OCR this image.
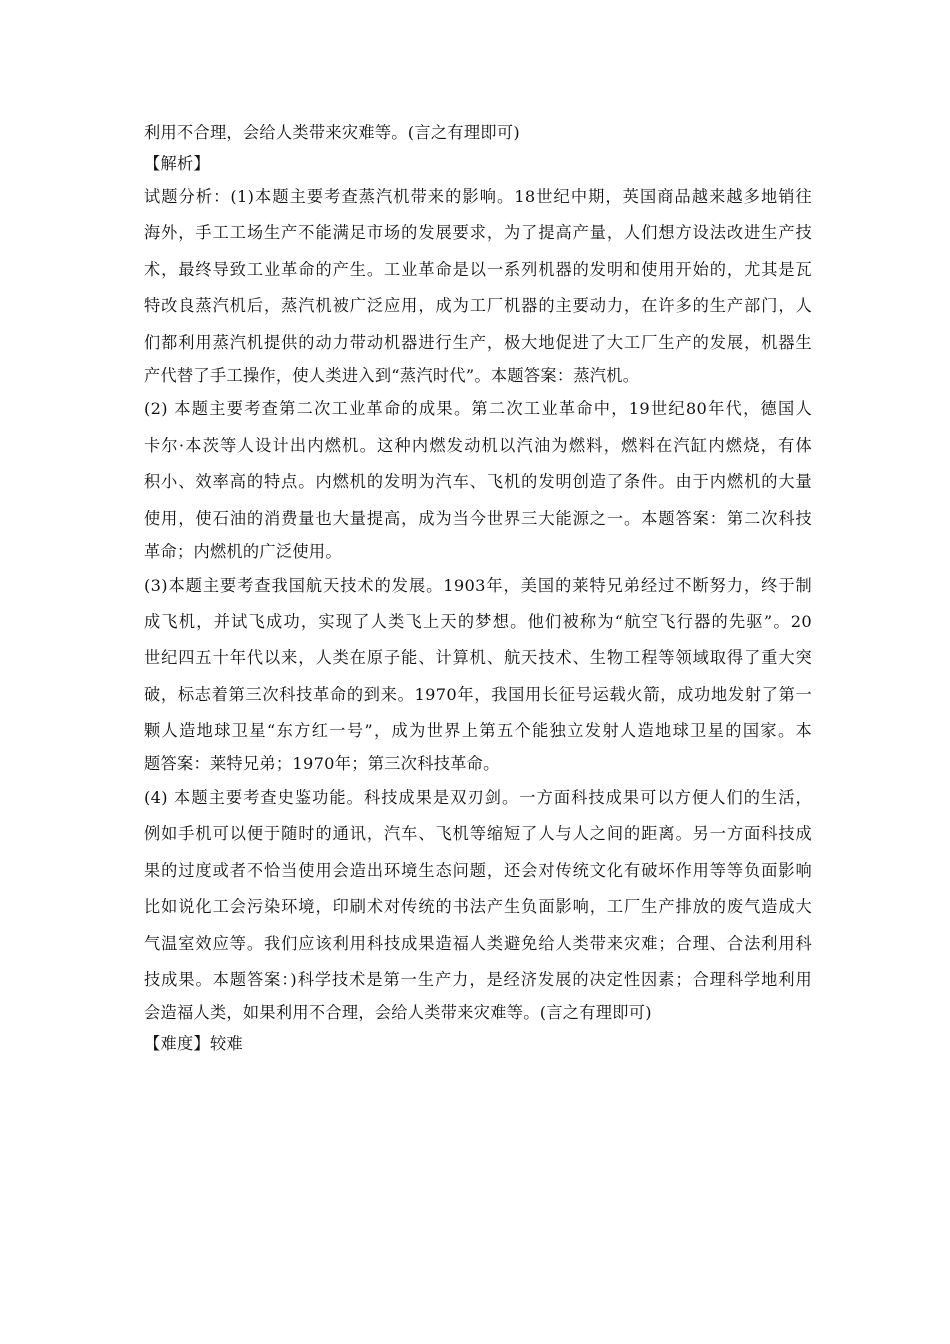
利用不合理，会给人类带来灾难等。(言之有理即可)
【解析】
试题分析：(1)本题主要考查蒸汽机带来的影响。18世纪中期，英国商品越来越多地销往
海外，手工工场生产不能满足市场的发展要求，为了提高产量，人们想方设法改进生产技
术，最终导致工业革命的产生。工业革命是以一系列机器的发明和使用开始的，尤其是瓦
特改良蒸汽机后，蒸汽机被广泛应用，成为工厂机器的主要动力，在许多的生产部门，人
们都利用蒸汽机提供的动力带动机器进行生产，极大地促进了大工厂生产的发展，机器生
产代替了手工操作，使人类进入到“蒸汽时代”。本题答案：蒸汽机。
(2) 本题主要考查第二次工业革命的成果。第二次工业革命中，19世纪80年代，德国人
卡尔·本茨等人设计出内燃机。这种内燃发动机以汽油为燃料，燃料在汽缸内燃烧，有体
积小、效率高的特点。内燃机的发明为汽车、飞机的发明创造了条件。由于内燃机的大量
使用，使石油的消费量也大量提高，成为当今世界三大能源之一。本题答案：第二次科技
革命；内燃机的广泛使用。
(3)本题主要考查我国航天技术的发展。1903年，美国的莱特兄弟经过不断努力，终于制
成飞机，并试飞成功，实现了人类飞上天的梦想。他们被称为“航空飞行器的先驱”。20
世纪四五十年代以来，人类在原子能、计算机、航天技术、生物工程等领域取得了重大突
破，标志着第三次科技革命的到来。1970年，我国用长征号运载火箭，成功地发射了第一
颗人造地球卫星“东方红一号”，成为世界上第五个能独立发射人造地球卫星的国家。本
题答案：莱特兄弟；1970年；第三次科技革命。
(4) 本题主要考查史鉴功能。科技成果是双刃剑。一方面科技成果可以方便人们的生活，
例如手机可以便于随时的通讯，汽车、飞机等缩短了人与人之间的距离。另一方面科技成
果的过度或者不恰当使用会造出环境生态问题，还会对传统文化有破坏作用等等负面影响
比如说化工会污染环境，印刷术对传统的书法产生负面影响，工厂生产排放的废气造成大
气温室效应等。我们应该利用科技成果造福人类避免给人类带来灾难；合理、合法利用科
技成果。本题答案：)科学技术是第一生产力，是经济发展的决定性因素；合理科学地利用
会造福人类，如果利用不合理，会给人类带来灾难等。(言之有理即可)
【难度】较难
